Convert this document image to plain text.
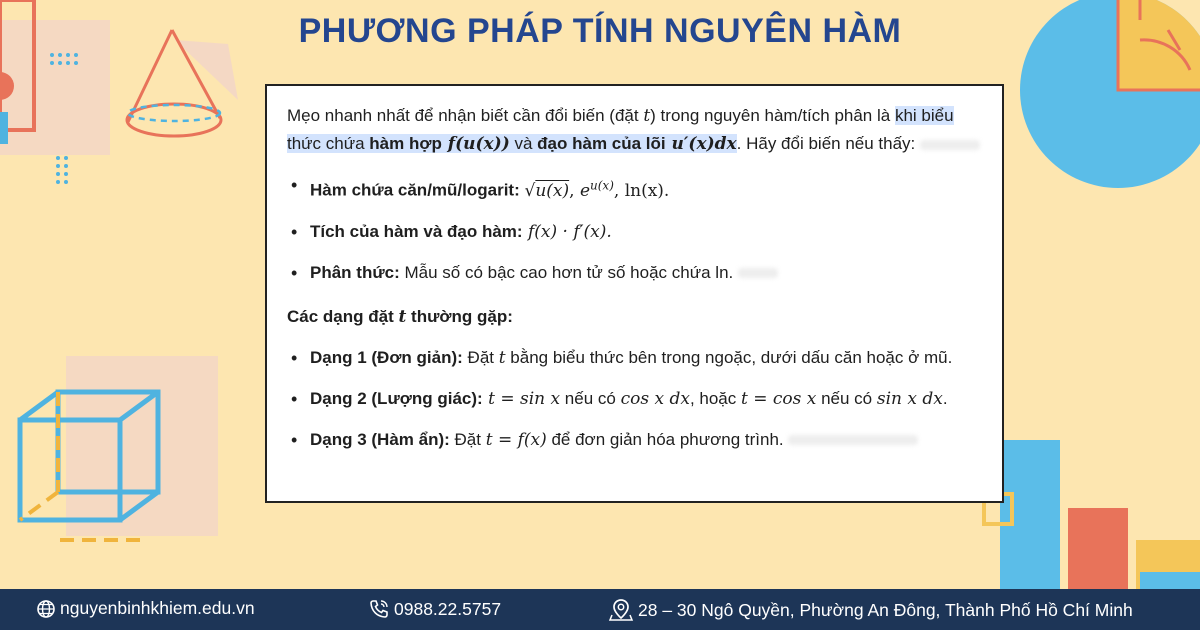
PHƯƠNG PHÁP TÍNH NGUYÊN HÀM

Mẹo nhanh nhất để nhận biết cần đổi biến (đặt t) trong nguyên hàm/tích phân là khi biểu thức chứa hàm hợp f(u(x)) và đạo hàm của lõi u′(x)dx. Hãy đổi biến nếu thấy:

• Hàm chứa căn/mũ/logarit: √u(x), $e^{u(x)}$, ln(x).
• Tích của hàm và đạo hàm: f(x) · f′(x).
• Phân thức: Mẫu số có bậc cao hơn tử số hoặc chứa ln.

Các dạng đặt t thường gặp:

• Dạng 1 (Đơn giản): Đặt t bằng biểu thức bên trong ngoặc, dưới dấu căn hoặc ở mũ.
• Dạng 2 (Lượng giác): t = sin x nếu có cos x dx, hoặc t = cos x nếu có sin x dx.
• Dạng 3 (Hàm ẩn): Đặt t = f(x) để đơn giản hóa phương trình.
nguyenbinhkhiem.edu.vn	0988.22.5757	28 – 30 Ngô Quyền, Phường An Đông, Thành Phố Hồ Chí Minh
